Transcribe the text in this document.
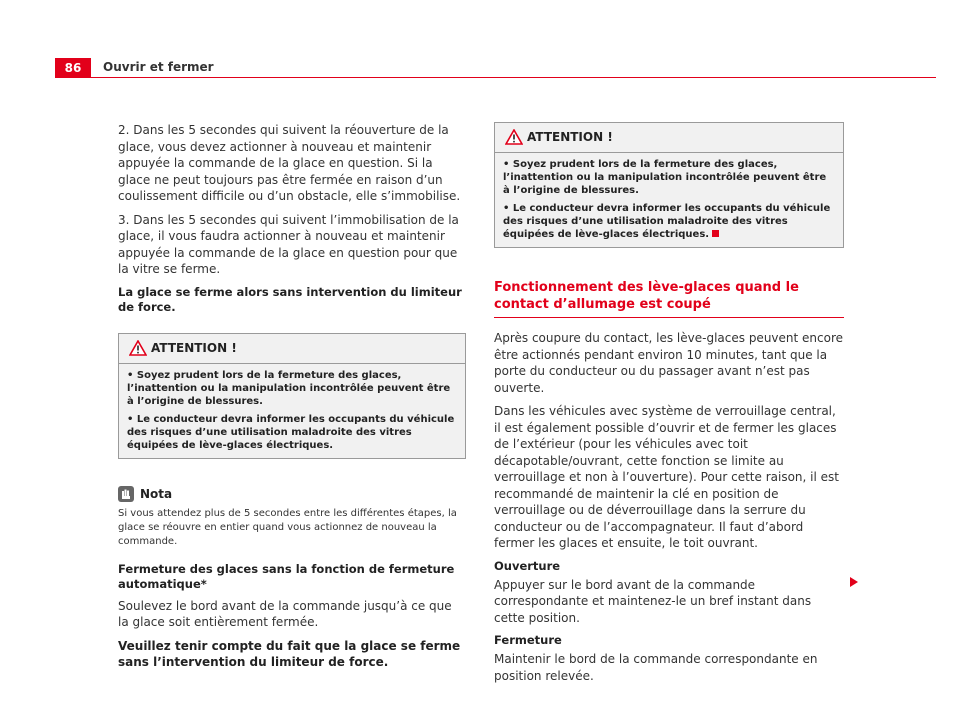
86	Ouvrir et fermer

2. Dans les 5 secondes qui suivent la réouverture de la glace, vous devez actionner à nouveau et maintenir appuyée la commande de la glace en question. Si la glace ne peut toujours pas être fermée en raison d’un coulissement difficile ou d’un obstacle, elle s’immobilise.

3. Dans les 5 secondes qui suivent l’immobilisation de la glace, il vous faudra actionner à nouveau et maintenir appuyée la commande de la glace en question pour que la vitre se ferme.

La glace se ferme alors sans intervention du limiteur de force.

ATTENTION !
• Soyez prudent lors de la fermeture des glaces, l’inattention ou la manipulation incontrôlée peuvent être à l’origine de blessures.
• Le conducteur devra informer les occupants du véhicule des risques d’une utilisation maladroite des vitres équipées de lève-glaces électriques.
Nota

Si vous attendez plus de 5 secondes entre les différentes étapes, la glace se réouvre en entier quand vous actionnez de nouveau la commande.

Fermeture des glaces sans la fonction de fermeture automatique*

Soulevez le bord avant de la commande jusqu’à ce que la glace soit entièrement fermée.

Veuillez tenir compte du fait que la glace se ferme sans l’intervention du limiteur de force.

ATTENTION !
• Soyez prudent lors de la fermeture des glaces, l’inattention ou la manipulation incontrôlée peuvent être à l’origine de blessures.
• Le conducteur devra informer les occupants du véhicule des risques d’une utilisation maladroite des vitres équipées de lève-glaces électriques.
Fonctionnement des lève-glaces quand le contact d’allumage est coupé

Après coupure du contact, les lève-glaces peuvent encore être actionnés pendant environ 10 minutes, tant que la porte du conducteur ou du passager avant n’est pas ouverte.

Dans les véhicules avec système de verrouillage central, il est également possible d’ouvrir et de fermer les glaces de l’extérieur (pour les véhicules avec toit décapotable/ouvrant, cette fonction se limite au verrouillage et non à l’ouverture). Pour cette raison, il est recommandé de maintenir la clé en position de verrouillage ou de déverrouillage dans la serrure du conducteur ou de l’accompagnateur. Il faut d’abord fermer les glaces et ensuite, le toit ouvrant.

Ouverture

Appuyer sur le bord avant de la commande correspondante et maintenez-le un bref instant dans cette position.

Fermeture

Maintenir le bord de la commande correspondante en position relevée.
